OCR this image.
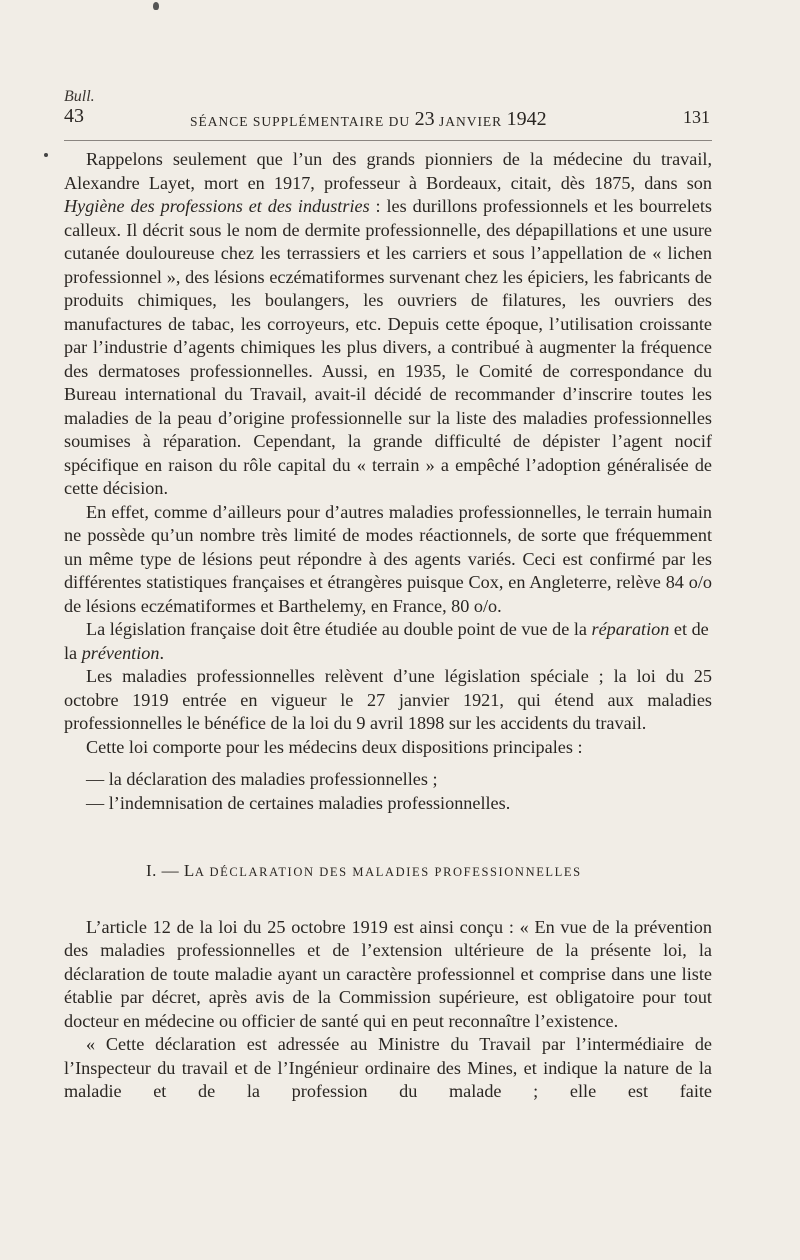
Bull.
43	SÉANCE SUPPLÉMENTAIRE DU 23 JANVIER 1942	131

Rappelons seulement que l’un des grands pionniers de la médecine du travail, Alexandre Layet, mort en 1917, professeur à Bordeaux, citait, dès 1875, dans son Hygiène des professions et des industries : les durillons professionnels et les bourrelets calleux. Il décrit sous le nom de dermite professionnelle, des dépapillations et une usure cutanée douloureuse chez les terrassiers et les carriers et sous l’appellation de « lichen professionnel », des lésions eczématiformes survenant chez les épiciers, les fabricants de produits chimiques, les boulangers, les ouvriers de filatures, les ouvriers des manufactures de tabac, les corroyeurs, etc. Depuis cette époque, l’utilisation croissante par l’industrie d’agents chimiques les plus divers, a contribué à augmenter la fréquence des dermatoses professionnelles. Aussi, en 1935, le Comité de correspondance du Bureau international du Travail, avait-il décidé de recommander d’inscrire toutes les maladies de la peau d’origine professionnelle sur la liste des maladies professionnelles soumises à réparation. Cependant, la grande difficulté de dépister l’agent nocif spécifique en raison du rôle capital du « terrain » a empêché l’adoption généralisée de cette décision.

En effet, comme d’ailleurs pour d’autres maladies professionnelles, le terrain humain ne possède qu’un nombre très limité de modes réactionnels, de sorte que fréquemment un même type de lésions peut répondre à des agents variés. Ceci est confirmé par les différentes statistiques françaises et étrangères puisque Cox, en Angleterre, relève 84 o/o de lésions eczématiformes et Barthelemy, en France, 80 o/o.

La législation française doit être étudiée au double point de vue de la réparation et de la prévention.

Les maladies professionnelles relèvent d’une législation spéciale ; la loi du 25 octobre 1919 entrée en vigueur le 27 janvier 1921, qui étend aux maladies professionnelles le bénéfice de la loi du 9 avril 1898 sur les accidents du travail.

Cette loi comporte pour les médecins deux dispositions principales :

— la déclaration des maladies professionnelles ;

— l’indemnisation de certaines maladies professionnelles.

I. — LA DÉCLARATION DES MALADIES PROFESSIONNELLES

L’article 12 de la loi du 25 octobre 1919 est ainsi conçu : « En vue de la prévention des maladies professionnelles et de l’extension ultérieure de la présente loi, la déclaration de toute maladie ayant un caractère professionnel et comprise dans une liste établie par décret, après avis de la Commission supérieure, est obligatoire pour tout docteur en médecine ou officier de santé qui en peut reconnaître l’existence.

« Cette déclaration est adressée au Ministre du Travail par l’intermédiaire de l’Inspecteur du travail et de l’Ingénieur ordinaire des Mines, et indique la nature de la maladie et de la profession du malade ; elle est faite
